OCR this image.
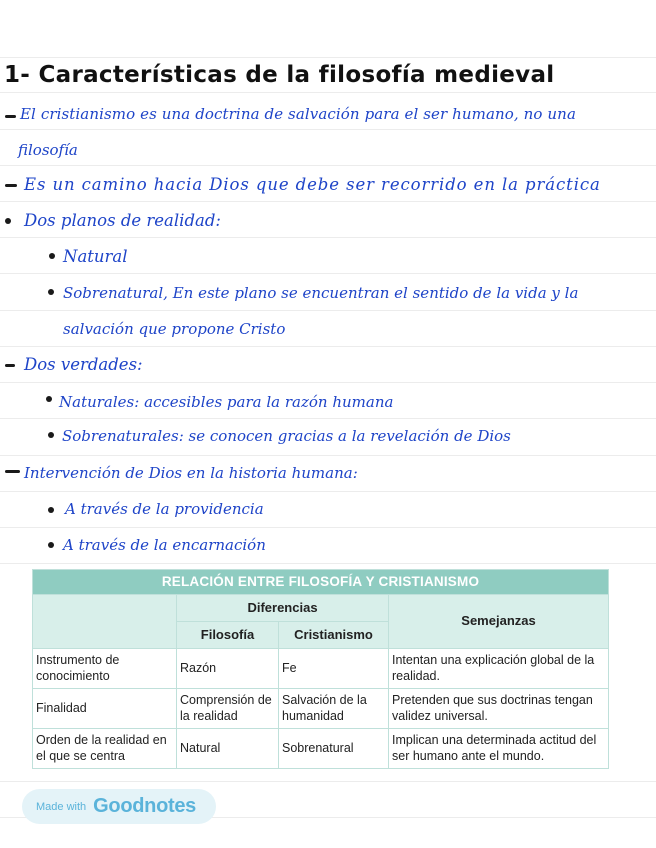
1- Características de la filosofía medieval
El cristianismo es una doctrina de salvación para el ser humano, no una
filosofía
Es un camino hacia Dios que debe ser recorrido en la práctica
Dos planos de realidad:
Natural
Sobrenatural, En este plano se encuentran el sentido de la vida y la
salvación que propone Cristo
Dos verdades:
Naturales: accesibles para la razón humana
Sobrenaturales: se conocen gracias a la revelación de Dios
Intervención de Dios en la historia humana:
A través de la providencia
A través de la encarnación
RELACIÓN ENTRE FILOSOFÍA Y CRISTIANISMO			
	Diferencias		Semejanzas
	Filosofía	Cristianismo	
Instrumento de conocimiento	Razón	Fe	Intentan una explicación global de la realidad.
Finalidad	Comprensión de la realidad	Salvación de la humanidad	Pretenden que sus doctrinas tengan validez universal.
Orden de la realidad en el que se centra	Natural	Sobrenatural	Implican una determinada actitud del ser humano ante el mundo.
Made with Goodnotes
